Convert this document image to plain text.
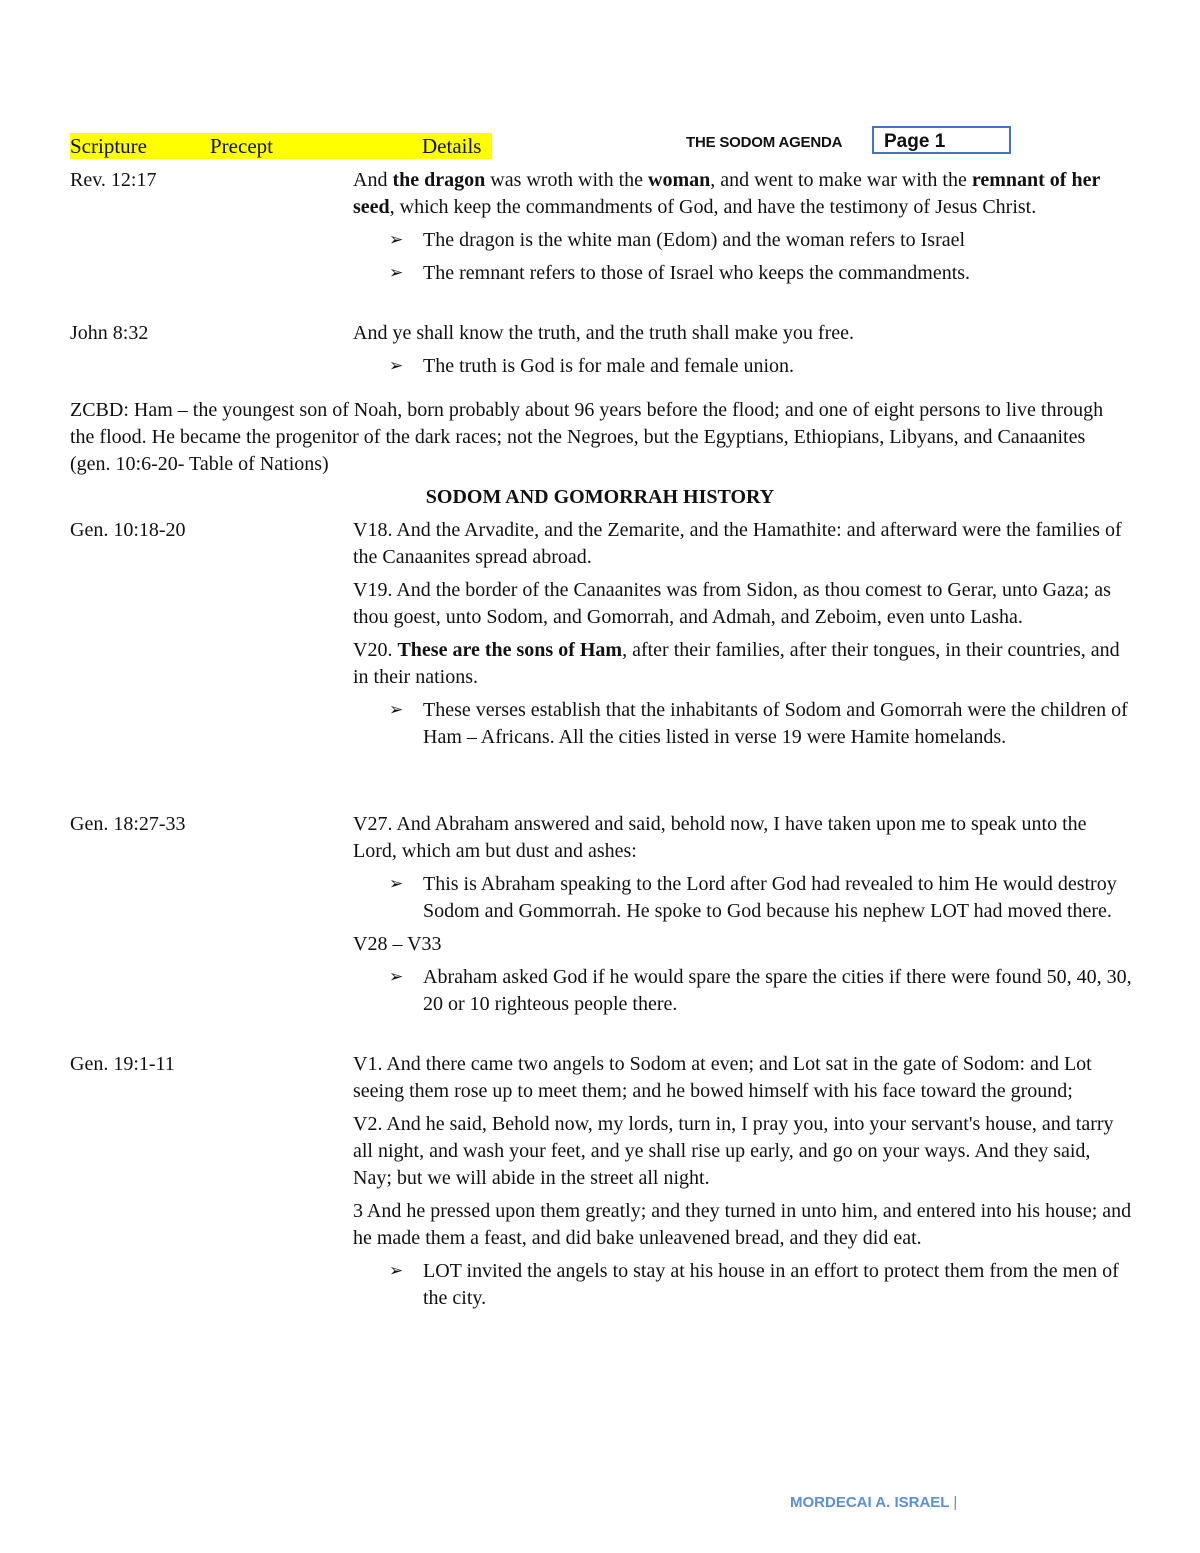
Scripture	Precept	Details	THE SODOM AGENDA Page 1
Rev. 12:17	And the dragon was wroth with the woman, and went to make war with the remnant of her seed, which keep the commandments of God, and have the testimony of Jesus Christ.

➢ The dragon is the white man (Edom) and the woman refers to Israel
➢ The remnant refers to those of Israel who keeps the commandments.
John 8:32	And ye shall know the truth, and the truth shall make you free.

➢ The truth is God is for male and female union.
ZCBD: Ham – the youngest son of Noah, born probably about 96 years before the flood; and one of eight persons to live through the flood. He became the progenitor of the dark races; not the Negroes, but the Egyptians, Ethiopians, Libyans, and Canaanites (gen. 10:6-20- Table of Nations)
SODOM AND GOMORRAH HISTORY
Gen. 10:18-20	V18. And the Arvadite, and the Zemarite, and the Hamathite: and afterward were the families of the Canaanites spread abroad.

V19. And the border of the Canaanites was from Sidon, as thou comest to Gerar, unto Gaza; as thou goest, unto Sodom, and Gomorrah, and Admah, and Zeboim, even unto Lasha.

V20. These are the sons of Ham, after their families, after their tongues, in their countries, and in their nations.

➢ These verses establish that the inhabitants of Sodom and Gomorrah were the children of Ham – Africans. All the cities listed in verse 19 were Hamite homelands.
Gen. 18:27-33	V27. And Abraham answered and said, behold now, I have taken upon me to speak unto the Lord, which am but dust and ashes:

➢ This is Abraham speaking to the Lord after God had revealed to him He would destroy Sodom and Gommorrah. He spoke to God because his nephew LOT had moved there.

V28 – V33

➢ Abraham asked God if he would spare the spare the cities if there were found 50, 40, 30, 20 or 10 righteous people there.
Gen. 19:1-11	V1. And there came two angels to Sodom at even; and Lot sat in the gate of Sodom: and Lot seeing them rose up to meet them; and he bowed himself with his face toward the ground;

V2. And he said, Behold now, my lords, turn in, I pray you, into your servant's house, and tarry all night, and wash your feet, and ye shall rise up early, and go on your ways. And they said, Nay; but we will abide in the street all night.

3 And he pressed upon them greatly; and they turned in unto him, and entered into his house; and he made them a feast, and did bake unleavened bread, and they did eat.

➢ LOT invited the angels to stay at his house in an effort to protect them from the men of the city.
MORDECAI A. ISRAEL |
